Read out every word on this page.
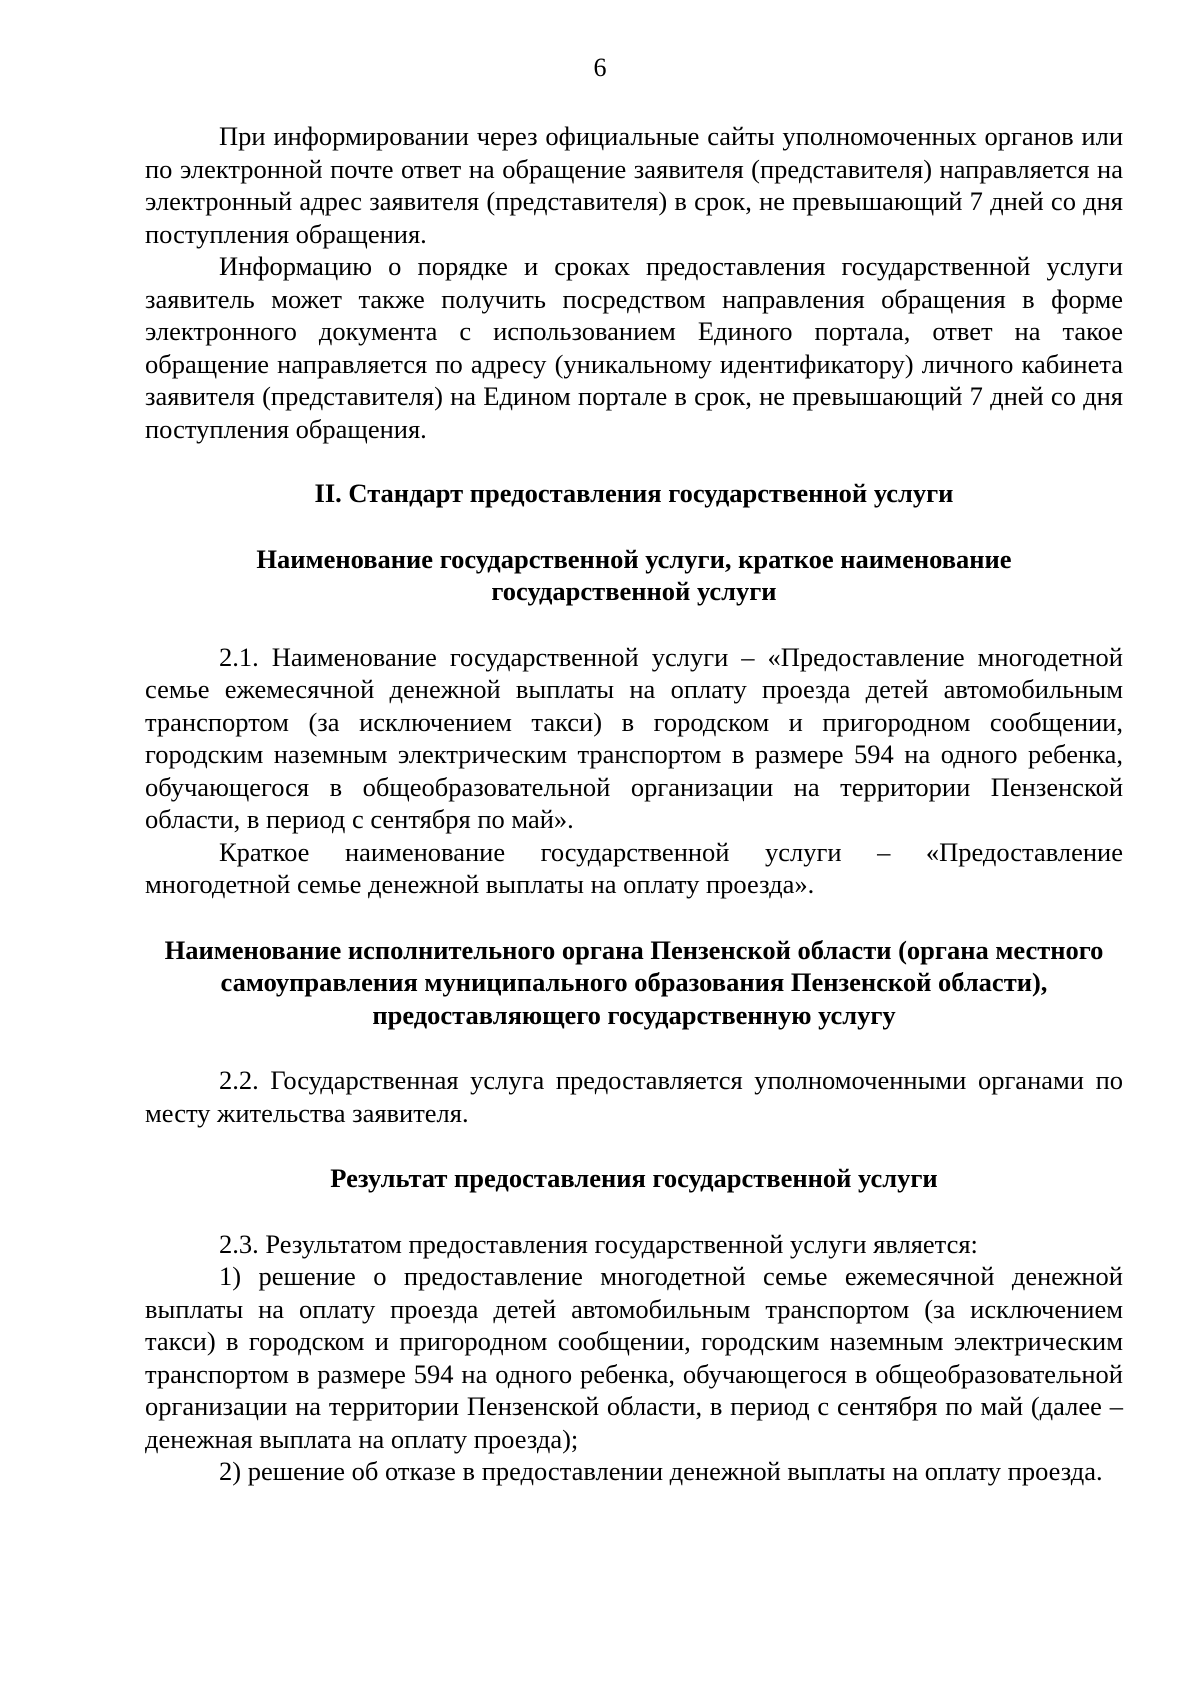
6

При информировании через официальные сайты уполномоченных органов или по электронной почте ответ на обращение заявителя (представителя) направляется на электронный адрес заявителя (представителя) в срок, не превышающий 7 дней со дня поступления обращения.

Информацию о порядке и сроках предоставления государственной услуги заявитель может также получить посредством направления обращения в форме электронного документа с использованием Единого портала, ответ на такое обращение направляется по адресу (уникальному идентификатору) личного кабинета заявителя (представителя) на Едином портале в срок, не превышающий 7 дней со дня поступления обращения.

II. Стандарт предоставления государственной услуги
Наименование государственной услуги, краткое наименование государственной услуги

2.1. Наименование государственной услуги – «Предоставление многодетной семье ежемесячной денежной выплаты на оплату проезда детей автомобильным транспортом (за исключением такси) в городском и пригородном сообщении, городским наземным электрическим транспортом в размере 594 на одного ребенка, обучающегося в общеобразовательной организации на территории Пензенской области, в период с сентября по май».

Краткое наименование государственной услуги – «Предоставление многодетной семье денежной выплаты на оплату проезда».

Наименование исполнительного органа Пензенской области (органа местного самоуправления муниципального образования Пензенской области), предоставляющего государственную услугу

2.2. Государственная услуга предоставляется уполномоченными органами по месту жительства заявителя.

Результат предоставления государственной услуги

2.3. Результатом предоставления государственной услуги является:

1) решение о предоставление многодетной семье ежемесячной денежной выплаты на оплату проезда детей автомобильным транспортом (за исключением такси) в городском и пригородном сообщении, городским наземным электрическим транспортом в размере 594 на одного ребенка, обучающегося в общеобразовательной организации на территории Пензенской области, в период с сентября по май (далее – денежная выплата на оплату проезда);

2) решение об отказе в предоставлении денежной выплаты на оплату проезда.
